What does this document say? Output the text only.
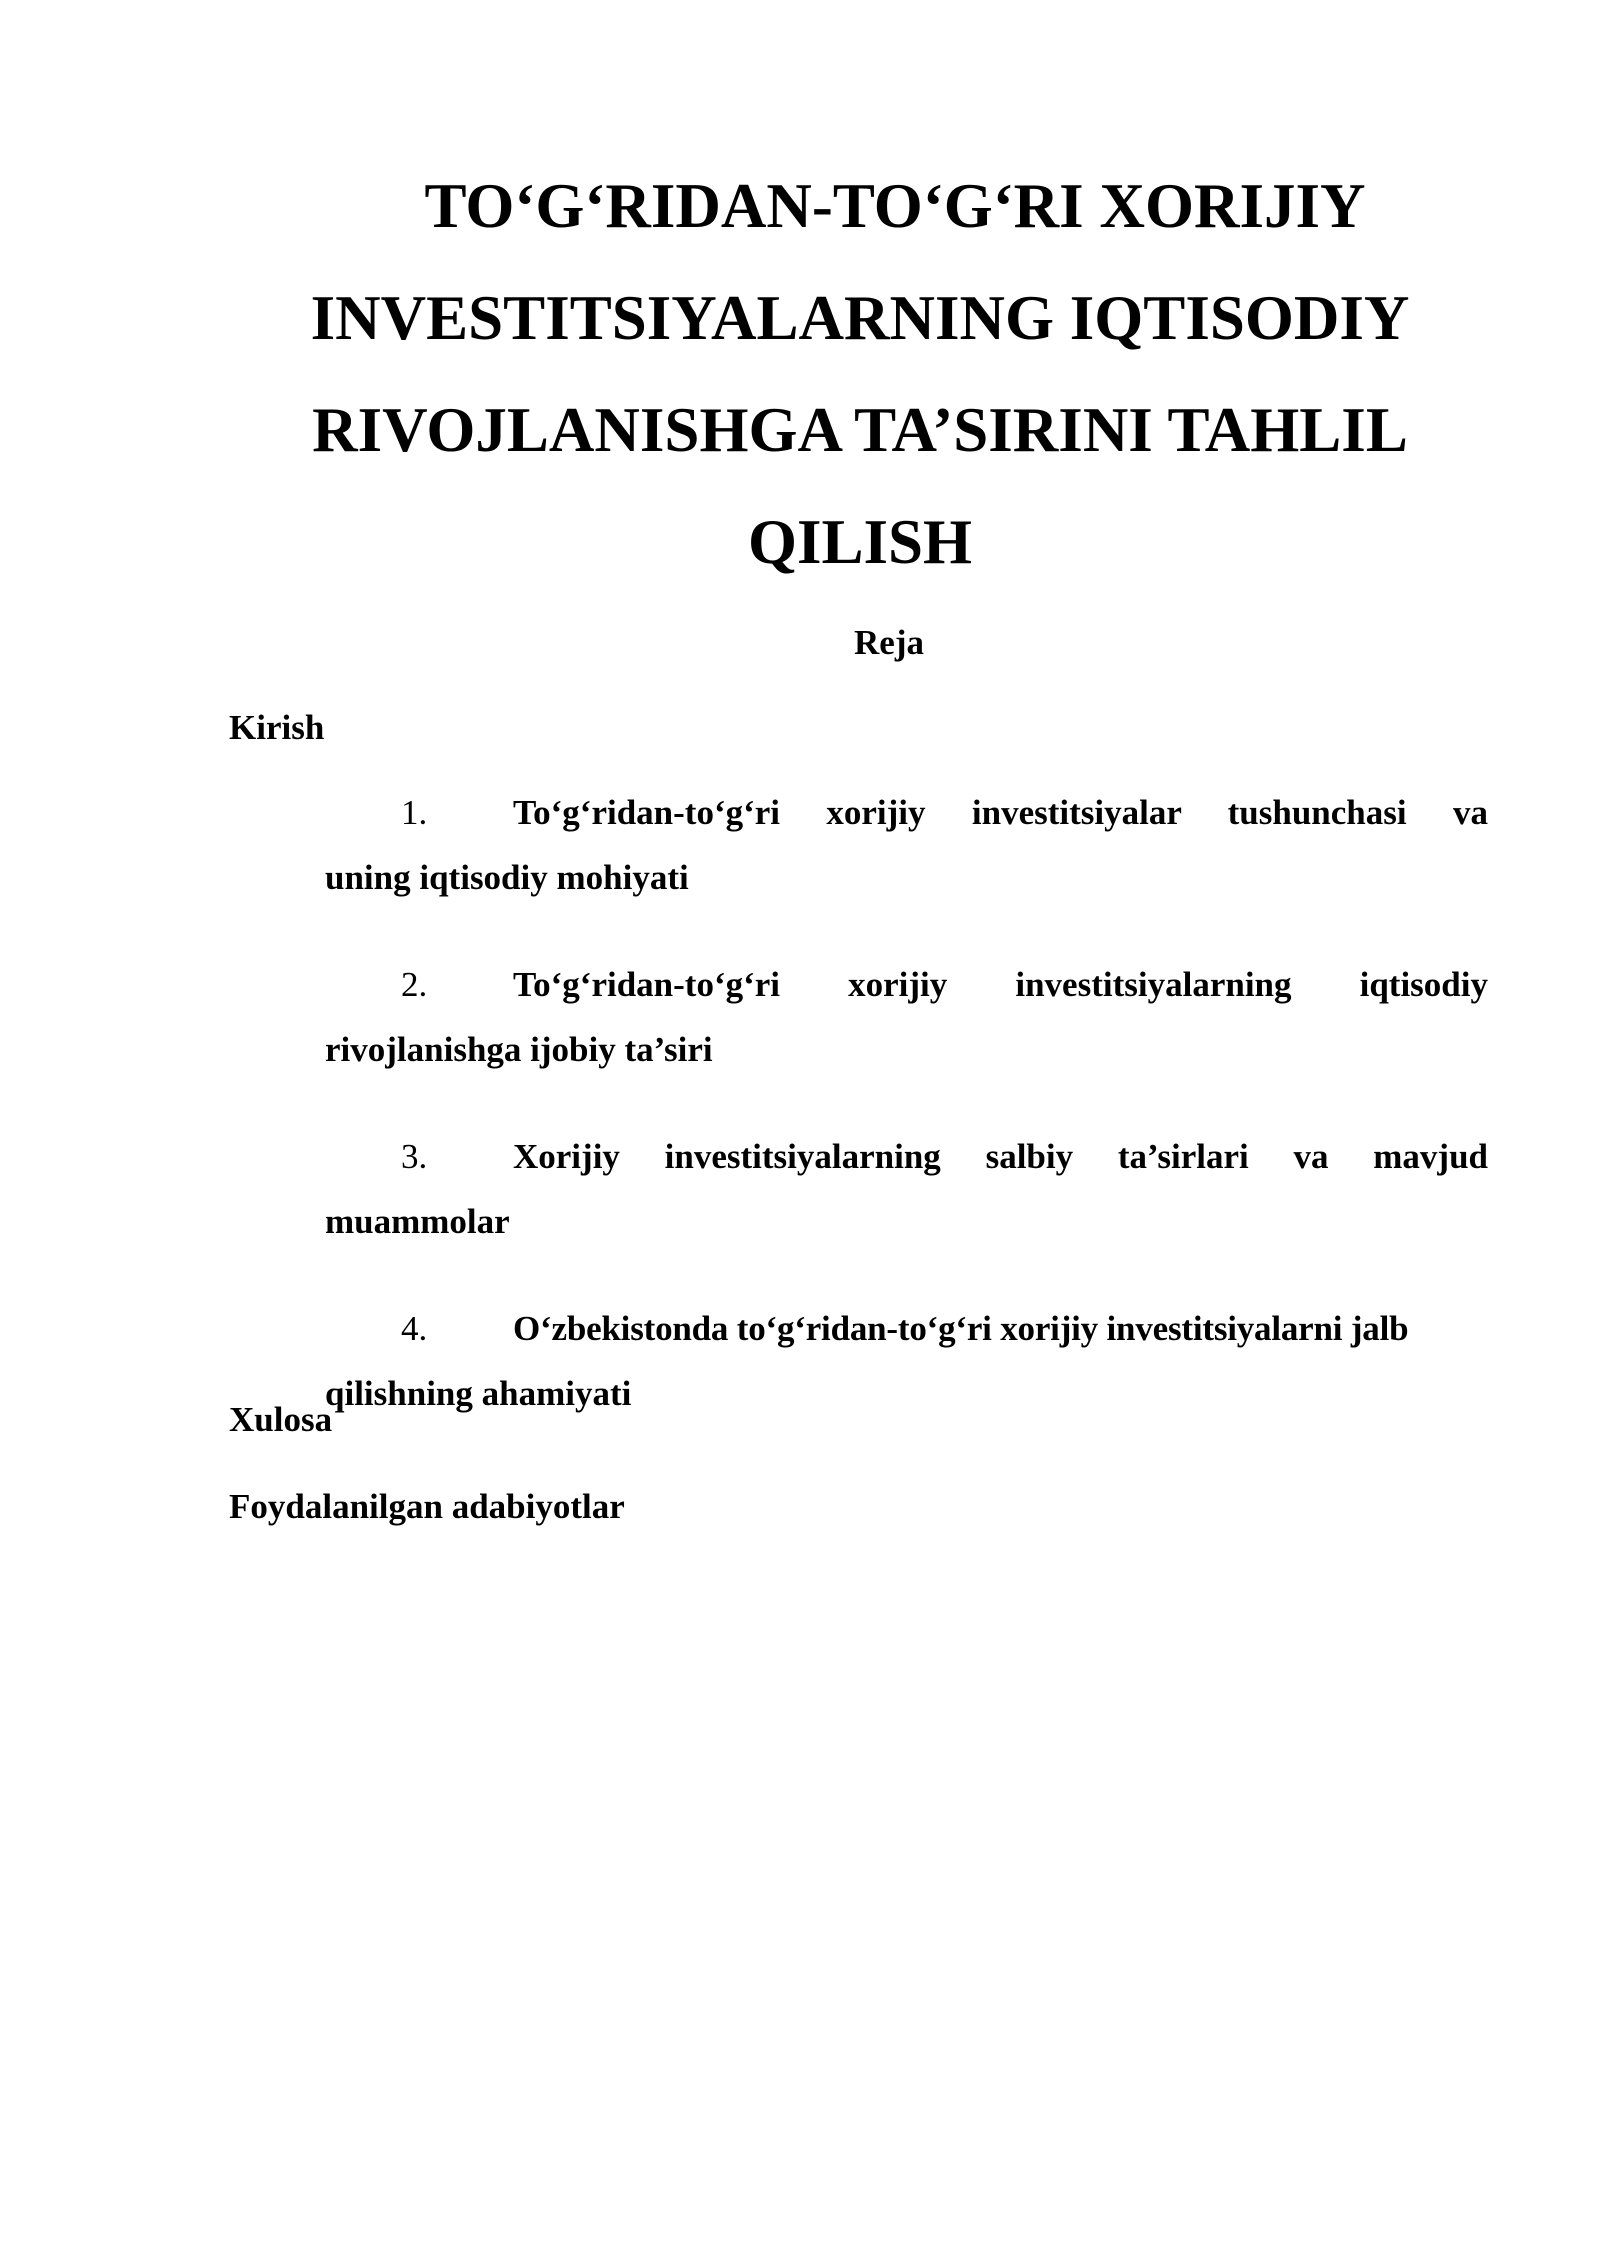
TO‘G‘RIDAN-TO‘G‘RI XORIJIY
INVESTITSIYALARNING IQTISODIY
RIVOJLANISHGA TA’SIRINI TAHLIL
QILISH
Reja

Kirish

1.	To‘g‘ridan-to‘g‘ri xorijiy investitsiyalar tushunchasi va
uning iqtisodiy mohiyati
2.	To‘g‘ridan-to‘g‘ri xorijiy investitsiyalarning iqtisodiy
rivojlanishga ijobiy ta’siri
3.	Xorijiy investitsiyalarning salbiy ta’sirlari va mavjud
muammolar
4.	O‘zbekistonda to‘g‘ridan-to‘g‘ri xorijiy investitsiyalarni jalb
qilishning ahamiyati

Xulosa

Foydalanilgan adabiyotlar
